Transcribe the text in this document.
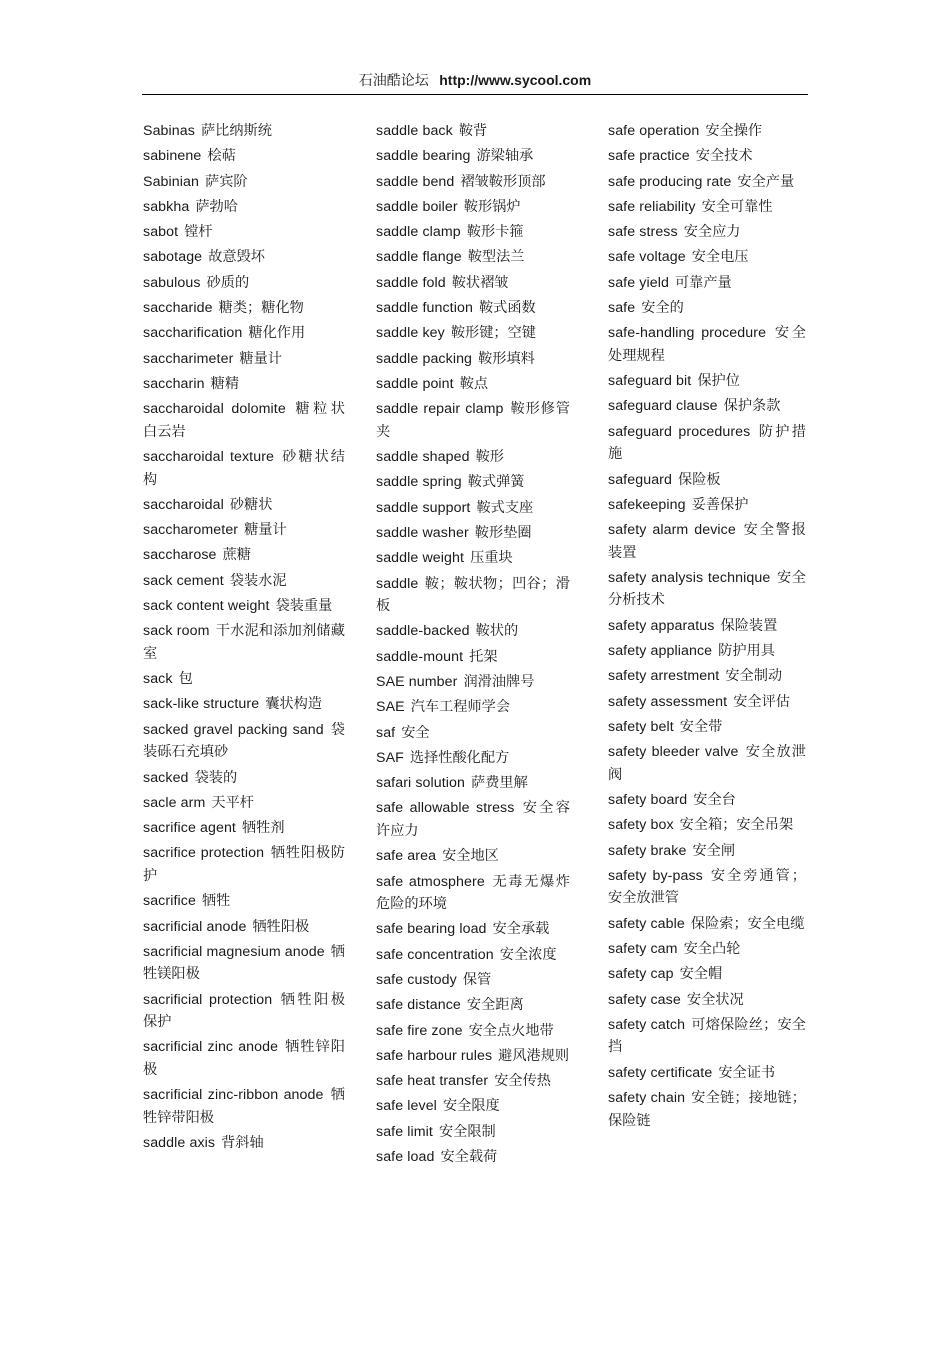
石油酷论坛 http://www.sycool.com
Sabinas 萨比纳斯统
sabinene 桧萜
Sabinian 萨宾阶
sabkha 萨勃哈
sabot 镗杆
sabotage 故意毁坏
sabulous 砂质的
saccharide 糖类；糖化物
saccharification 糖化作用
saccharimeter 糖量计
saccharin 糖精
saccharoidal dolomite 糖粒状白云岩
saccharoidal texture 砂糖状结构
saccharoidal 砂糖状
saccharometer 糖量计
saccharose 蔗糖
sack cement 袋装水泥
sack content weight 袋装重量
sack room 干水泥和添加剂储藏室
sack 包
sack-like structure 囊状构造
sacked gravel packing sand 袋装砾石充填砂
sacked 袋装的
sacle arm 天平杆
sacrifice agent 牺牲剂
sacrifice protection 牺牲阳极防护
sacrifice 牺牲
sacrificial anode 牺牲阳极
sacrificial magnesium anode 牺牲镁阳极
sacrificial protection 牺牲阳极保护
sacrificial zinc anode 牺牲锌阳极
sacrificial zinc-ribbon anode 牺牲锌带阳极
saddle axis 背斜轴
saddle back 鞍背
saddle bearing 游梁轴承
saddle bend 褶皱鞍形顶部
saddle boiler 鞍形锅炉
saddle clamp 鞍形卡箍
saddle flange 鞍型法兰
saddle fold 鞍状褶皱
saddle function 鞍式函数
saddle key 鞍形键；空键
saddle packing 鞍形填料
saddle point 鞍点
saddle repair clamp 鞍形修管夹
saddle shaped 鞍形
saddle spring 鞍式弹簧
saddle support 鞍式支座
saddle washer 鞍形垫圈
saddle weight 压重块
saddle 鞍；鞍状物；凹谷；滑板
saddle-backed 鞍状的
saddle-mount 托架
SAE number 润滑油牌号
SAE 汽车工程师学会
saf 安全
SAF 选择性酸化配方
safari solution 萨费里解
safe allowable stress 安全容许应力
safe area 安全地区
safe atmosphere 无毒无爆炸危险的环境
safe bearing load 安全承载
safe concentration 安全浓度
safe custody 保管
safe distance 安全距离
safe fire zone 安全点火地带
safe harbour rules 避风港规则
safe heat transfer 安全传热
safe level 安全限度
safe limit 安全限制
safe load 安全载荷
safe operation 安全操作
safe practice 安全技术
safe producing rate 安全产量
safe reliability 安全可靠性
safe stress 安全应力
safe voltage 安全电压
safe yield 可靠产量
safe 安全的
safe-handling procedure 安全处理规程
safeguard bit 保护位
safeguard clause 保护条款
safeguard procedures 防护措施
safeguard 保险板
safekeeping 妥善保护
safety alarm device 安全警报装置
safety analysis technique 安全分析技术
safety apparatus 保险装置
safety appliance 防护用具
safety arrestment 安全制动
safety assessment 安全评估
safety belt 安全带
safety bleeder valve 安全放泄阀
safety board 安全台
safety box 安全箱；安全吊架
safety brake 安全闸
safety by-pass 安全旁通管；安全放泄管
safety cable 保险索；安全电缆
safety cam 安全凸轮
safety cap 安全帽
safety case 安全状况
safety catch 可熔保险丝；安全挡
safety certificate 安全证书
safety chain 安全链；接地链；保险链
